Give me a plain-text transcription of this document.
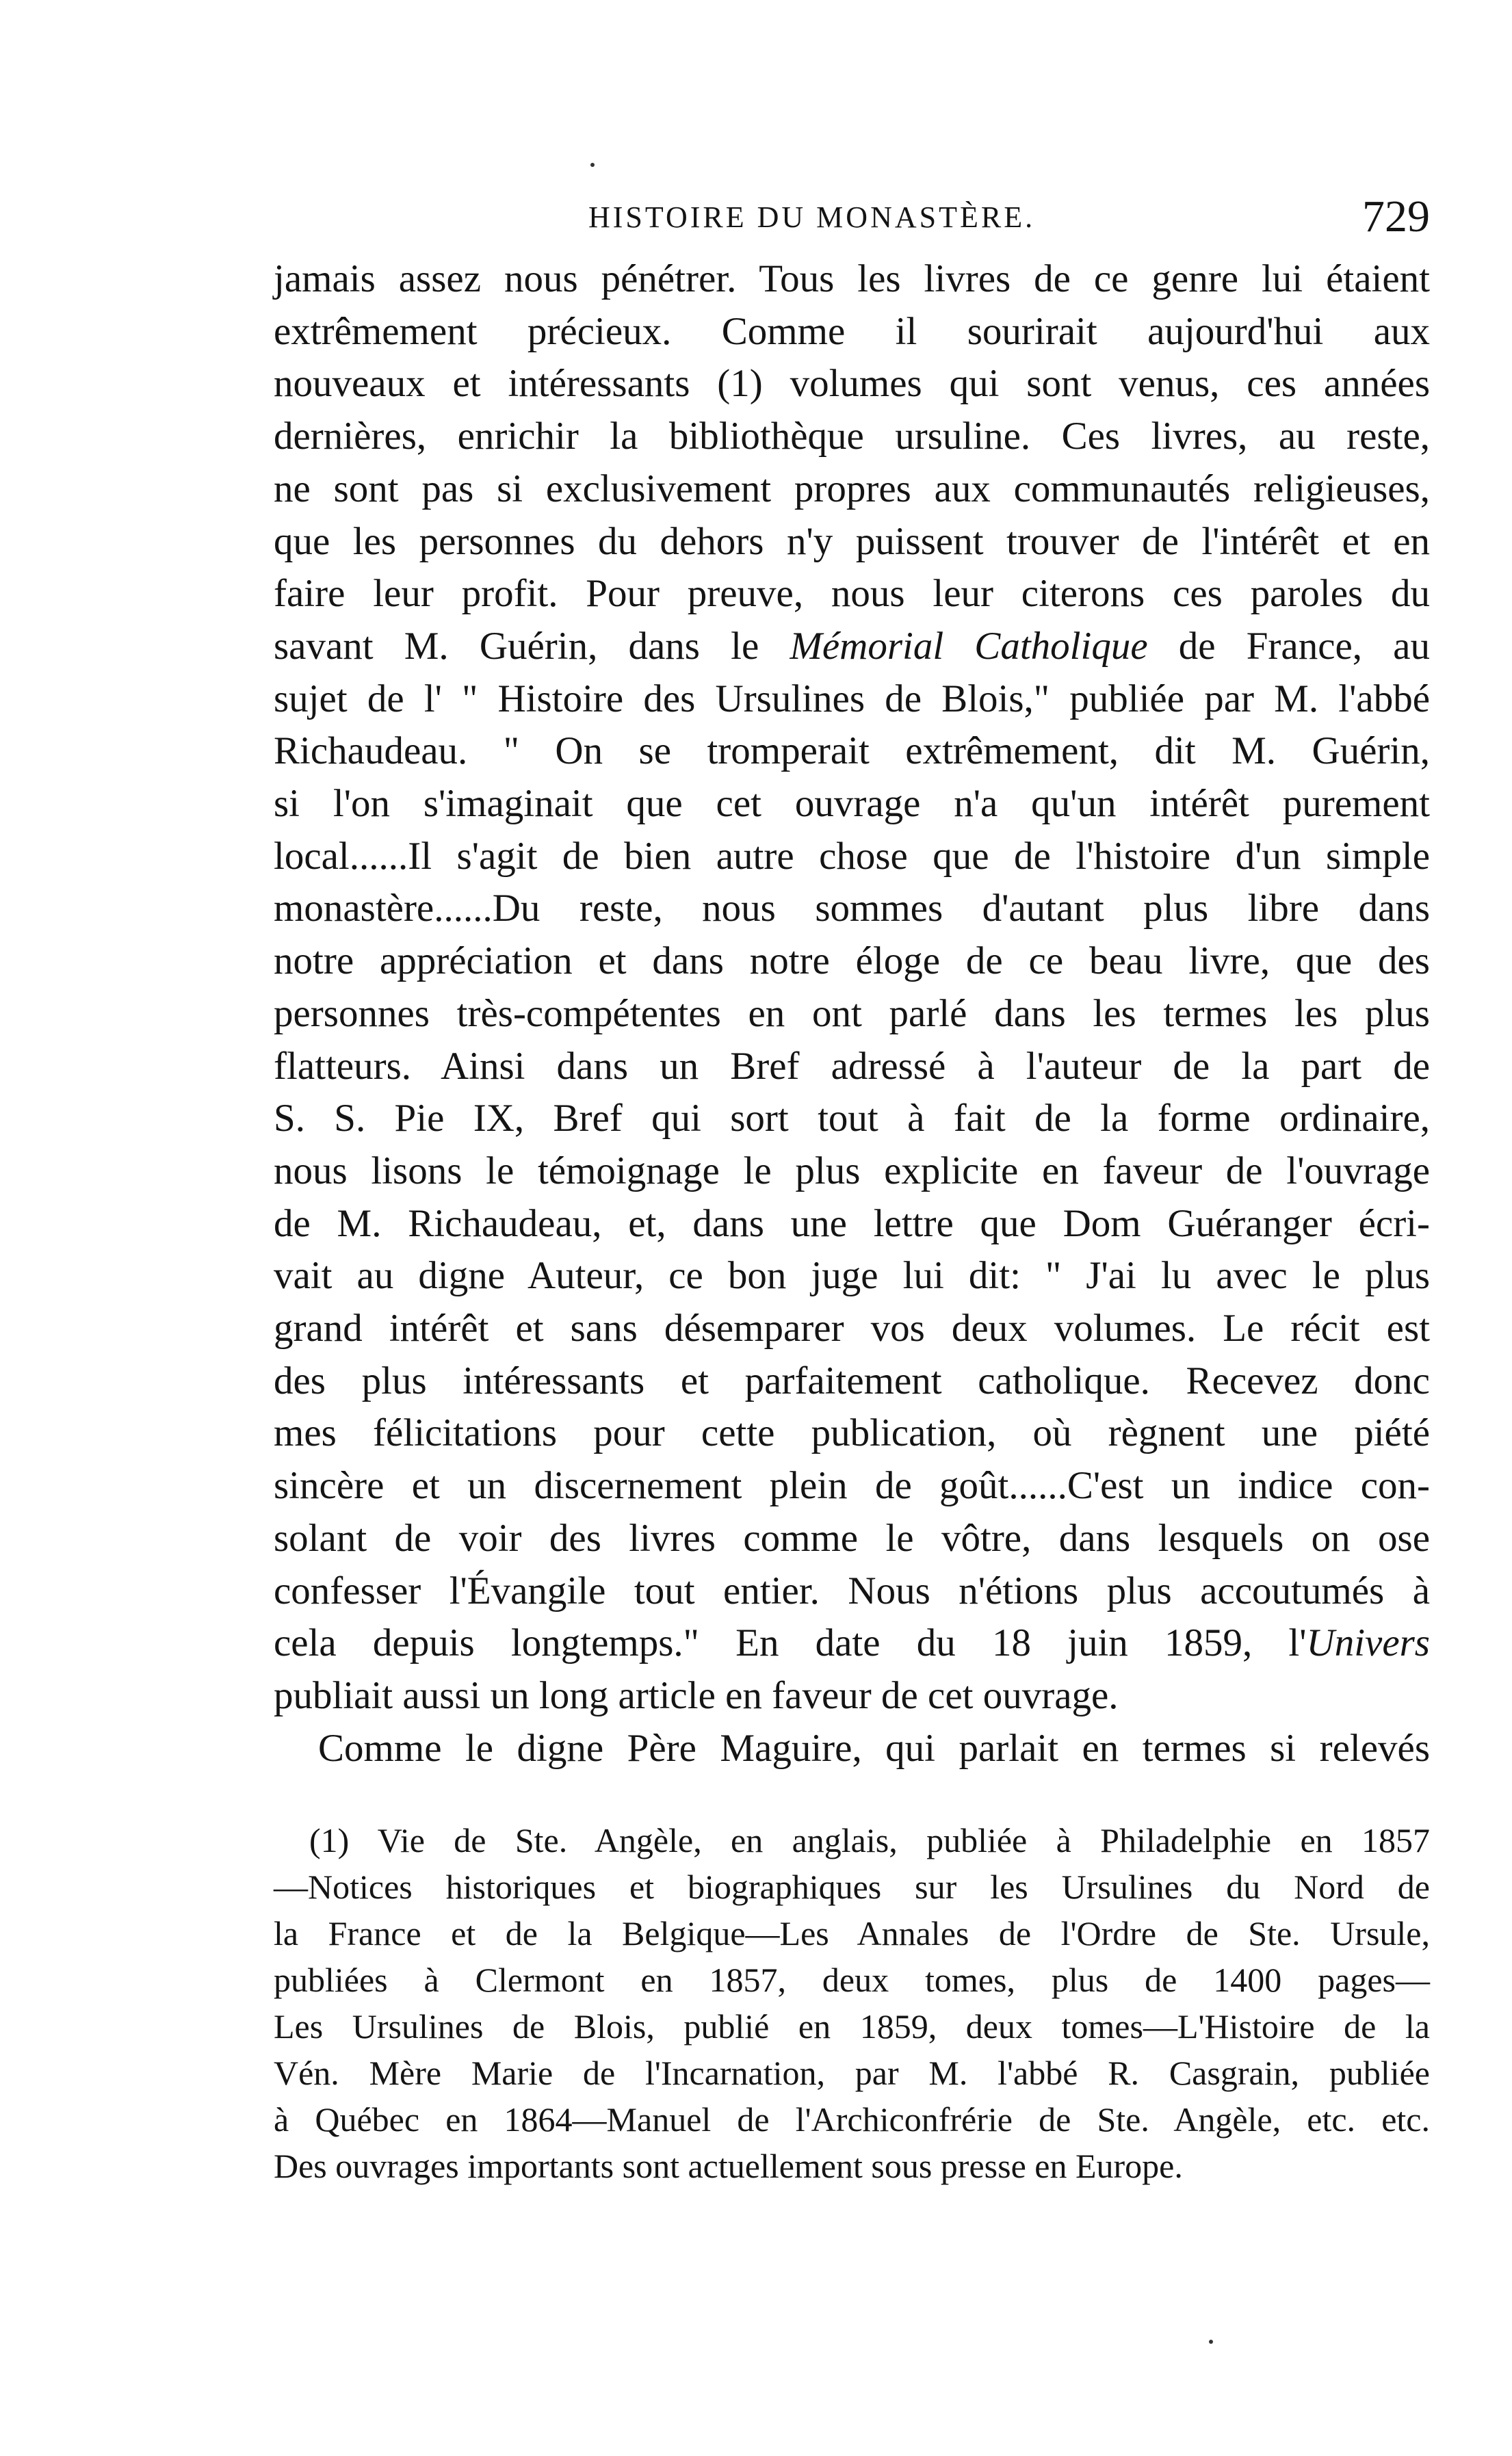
HISTOIRE DU MONASTÈRE.	729
jamais assez nous pénétrer. Tous les livres de ce genre lui étaient
extrêmement précieux. Comme il sourirait aujourd'hui aux
nouveaux et intéressants (1) volumes qui sont venus, ces années
dernières, enrichir la bibliothèque ursuline. Ces livres, au reste,
ne sont pas si exclusivement propres aux communautés religieuses,
que les personnes du dehors n'y puissent trouver de l'intérêt et en
faire leur profit. Pour preuve, nous leur citerons ces paroles du
savant M. Guérin, dans le Mémorial Catholique de France, au
sujet de l' " Histoire des Ursulines de Blois," publiée par M. l'abbé
Richaudeau. " On se tromperait extrêmement, dit M. Guérin,
si l'on s'imaginait que cet ouvrage n'a qu'un intérêt purement
local......Il s'agit de bien autre chose que de l'histoire d'un simple
monastère......Du reste, nous sommes d'autant plus libre dans
notre appréciation et dans notre éloge de ce beau livre, que des
personnes très-compétentes en ont parlé dans les termes les plus
flatteurs. Ainsi dans un Bref adressé à l'auteur de la part de
S. S. Pie IX, Bref qui sort tout à fait de la forme ordinaire,
nous lisons le témoignage le plus explicite en faveur de l'ouvrage
de M. Richaudeau, et, dans une lettre que Dom Guéranger écri-
vait au digne Auteur, ce bon juge lui dit: " J'ai lu avec le plus
grand intérêt et sans désemparer vos deux volumes. Le récit est
des plus intéressants et parfaitement catholique. Recevez donc
mes félicitations pour cette publication, où règnent une piété
sincère et un discernement plein de goût......C'est un indice con-
solant de voir des livres comme le vôtre, dans lesquels on ose
confesser l'Évangile tout entier. Nous n'étions plus accoutumés à
cela depuis longtemps." En date du 18 juin 1859, l'Univers
publiait aussi un long article en faveur de cet ouvrage.
Comme le digne Père Maguire, qui parlait en termes si relevés
(1) Vie de Ste. Angèle, en anglais, publiée à Philadelphie en 1857
—Notices historiques et biographiques sur les Ursulines du Nord de
la France et de la Belgique—Les Annales de l'Ordre de Ste. Ursule,
publiées à Clermont en 1857, deux tomes, plus de 1400 pages—
Les Ursulines de Blois, publié en 1859, deux tomes—L'Histoire de la
Vén. Mère Marie de l'Incarnation, par M. l'abbé R. Casgrain, publiée
à Québec en 1864—Manuel de l'Archiconfrérie de Ste. Angèle, etc. etc.
Des ouvrages importants sont actuellement sous presse en Europe.
